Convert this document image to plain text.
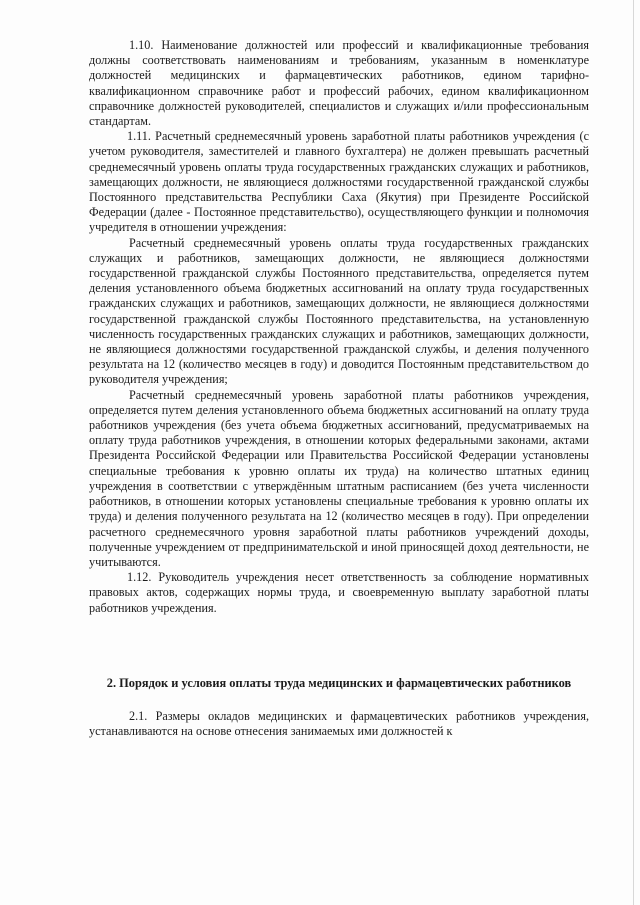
1.10. Наименование должностей или профессий и квалификационные требования должны соответствовать наименованиям и требованиям, указанным в номенклатуре должностей медицинских и фармацевтических работников, едином тарифно-квалификационном справочнике работ и профессий рабочих, едином квалификационном справочнике должностей руководителей, специалистов и служащих и/или профессиональным стандартам.

1.11. Расчетный среднемесячный уровень заработной платы работников учреждения (с учетом руководителя, заместителей и главного бухгалтера) не должен превышать расчетный среднемесячный уровень оплаты труда государственных гражданских служащих и работников, замещающих должности, не являющиеся должностями государственной гражданской службы Постоянного представительства Республики Саха (Якутия) при Президенте Российской Федерации (далее - Постоянное представительство), осуществляющего функции и полномочия учредителя в отношении учреждения:

Расчетный среднемесячный уровень оплаты труда государственных гражданских служащих и работников, замещающих должности, не являющиеся должностями государственной гражданской службы Постоянного представительства, определяется путем деления установленного объема бюджетных ассигнований на оплату труда государственных гражданских служащих и работников, замещающих должности, не являющиеся должностями государственной гражданской службы Постоянного представительства, на установленную численность государственных гражданских служащих и работников, замещающих должности, не являющиеся должностями государственной гражданской службы, и деления полученного результата на 12 (количество месяцев в году) и доводится Постоянным представительством до руководителя учреждения;

Расчетный среднемесячный уровень заработной платы работников учреждения, определяется путем деления установленного объема бюджетных ассигнований на оплату труда работников учреждения (без учета объема бюджетных ассигнований, предусматриваемых на оплату труда работников учреждения, в отношении которых федеральными законами, актами Президента Российской Федерации или Правительства Российской Федерации установлены специальные требования к уровню оплаты их труда) на количество штатных единиц учреждения в соответствии с утверждённым штатным расписанием (без учета численности работников, в отношении которых установлены специальные требования к уровню оплаты их труда) и деления полученного результата на 12 (количество месяцев в году). При определении расчетного среднемесячного уровня заработной платы работников учреждений доходы, полученные учреждением от предпринимательской и иной приносящей доход деятельности, не учитываются.

1.12. Руководитель учреждения несет ответственность за соблюдение нормативных правовых актов, содержащих нормы труда, и своевременную выплату заработной платы работников учреждения.

2. Порядок и условия оплаты труда медицинских и фармацевтических работников

2.1. Размеры окладов медицинских и фармацевтических работников учреждения, устанавливаются на основе отнесения занимаемых ими должностей к
